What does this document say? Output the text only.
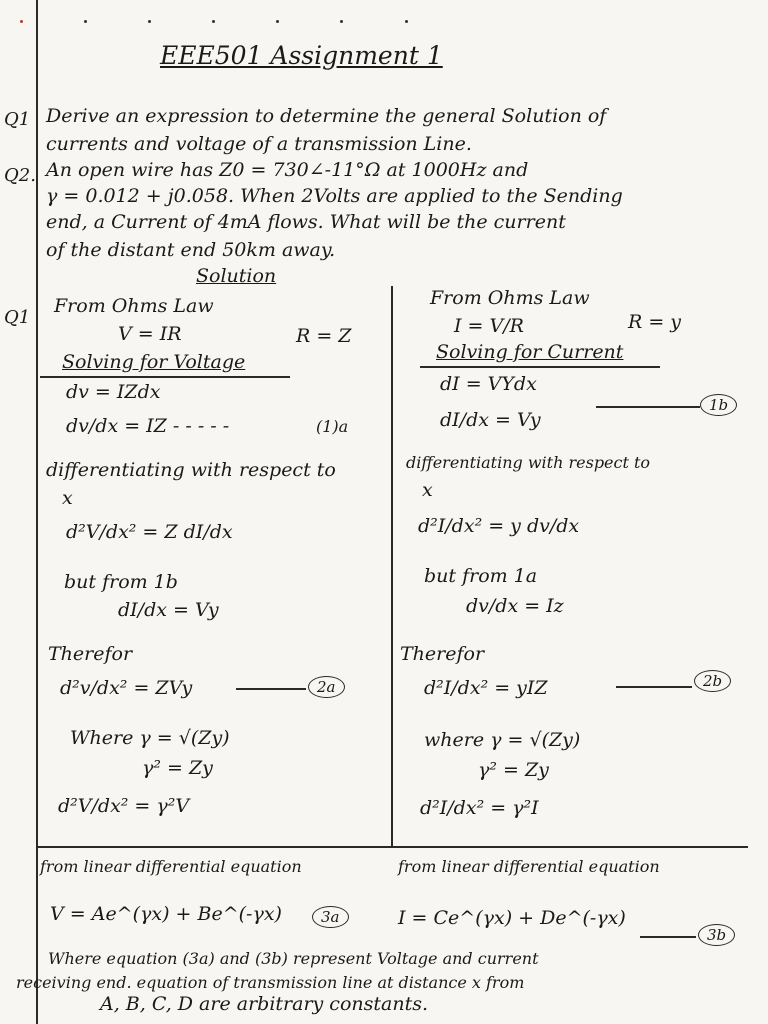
EEE501 Assignment 1
Q1 Derive an expression to determine the general Solution of
currents and voltage of a transmission Line.
Q2. An open wire has Z0 = 730∠-11°Ω at 1000Hz and
γ = 0.012 + j0.058. When 2Volts are applied to the Sending
end, a Current of 4mA flows. What will be the current
of the distant end 50km away.
Solution
Q1
From Ohms Law
V = IR	R = Z
Solving for Voltage
dv = IZdx
dv/dx = IZ - - - - -	(1)a
differentiating with respect to
x
d²V/dx² = Z dI/dx
but from 1b
dI/dx = Vy
Therefor
d²v/dx² = ZVy	2a
Where γ = √(Zy)
γ² = Zy
d²V/dx² = γ²V
from linear differential equation
V = Ae^(γx) + Be^(-γx)	3a
From Ohms Law
I = V/R	R = y
Solving for Current
dI = VYdx
dI/dx = Vy
1b
differentiating with respect to
x
d²I/dx² = y dv/dx
but from 1a
dv/dx = Iz
Therefor
d²I/dx² = yIZ	2b
where γ = √(Zy)
γ² = Zy
d²I/dx² = γ²I
from linear differential equation
I = Ce^(γx) + De^(-γx)
3b
Where equation (3a) and (3b) represent Voltage and current
receiving end. equation of transmission line at distance x from
A, B, C, D are arbitrary constants.
